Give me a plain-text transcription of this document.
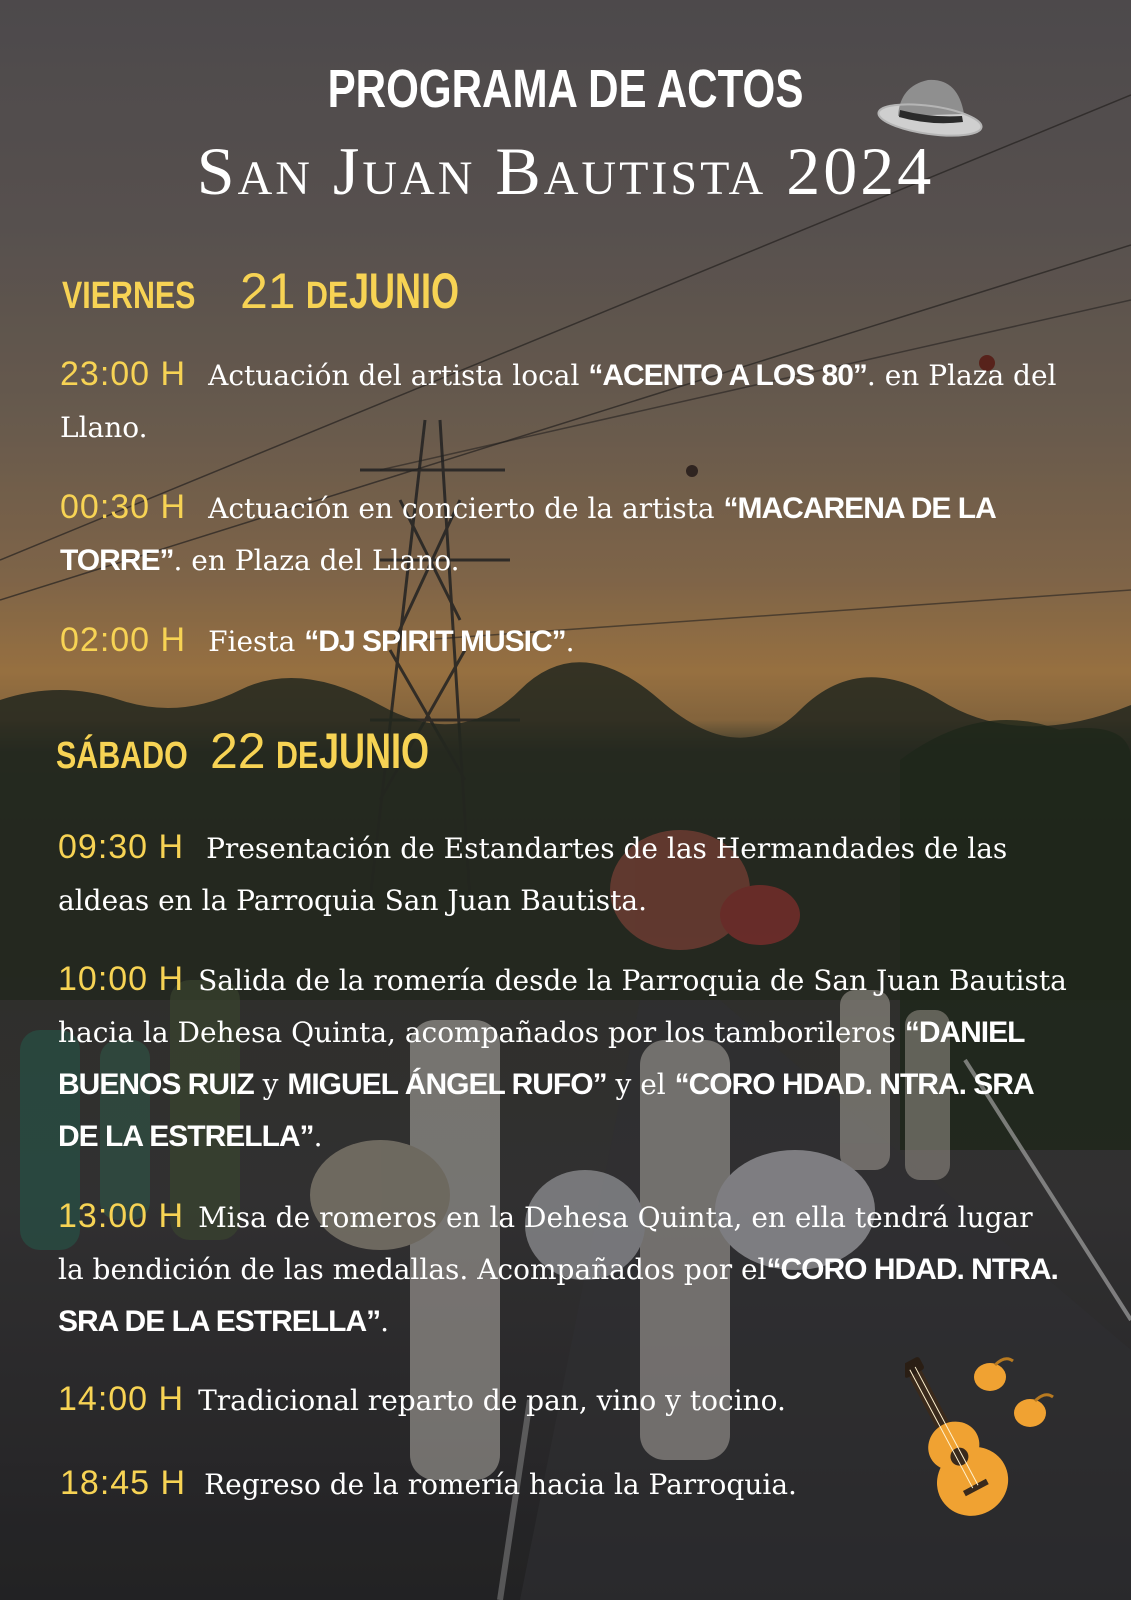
PROGRAMA DE ACTOS
San Juan Bautista 2024
VIERNES 21 DE JUNIO
23:00 H Actuación del artista local “ACENTO A LOS 80”. en Plaza del Llano.
00:30 H Actuación en concierto de la artista “MACARENA DE LA TORRE”. en Plaza del Llano.
02:00 H Fiesta “DJ SPIRIT MUSIC”.
SÁBADO 22 DE JUNIO
09:30 H Presentación de Estandartes de las Hermandades de las aldeas en la Parroquia San Juan Bautista.
10:00 H Salida de la romería desde la Parroquia de San Juan Bautista hacia la Dehesa Quinta, acompañados por los tamborileros “DANIEL BUENOS RUIZ y MIGUEL ÁNGEL RUFO” y el “CORO HDAD. NTRA. SRA DE LA ESTRELLA”.
13:00 H Misa de romeros en la Dehesa Quinta, en ella tendrá lugar la bendición de las medallas. Acompañados por el“CORO HDAD. NTRA. SRA DE LA ESTRELLA”.
14:00 H Tradicional reparto de pan, vino y tocino.
18:45 H Regreso de la romería hacia la Parroquia.
